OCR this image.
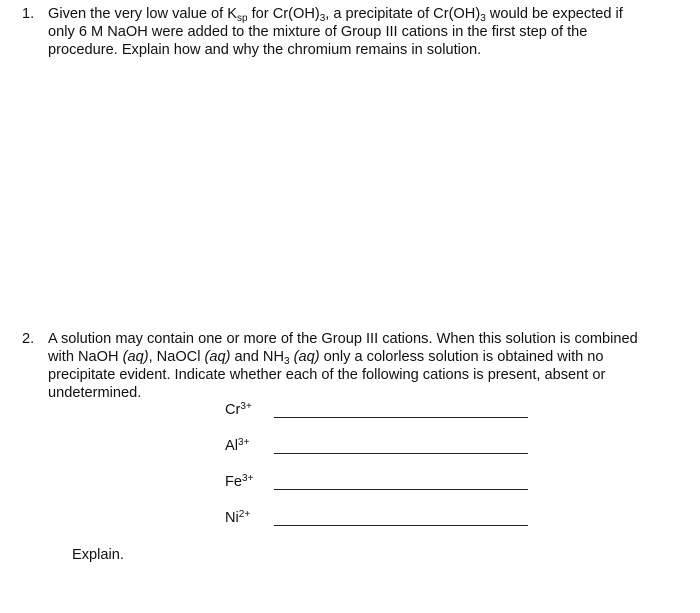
1. Given the very low value of $K_{sp}$ for $Cr(OH)_3$, a precipitate of $Cr(OH)_3$ would be expected if
only 6 M NaOH were added to the mixture of Group III cations in the first step of the
procedure. Explain how and why the chromium remains in solution.
2. A solution may contain one or more of the Group III cations. When this solution is combined
with NaOH (aq), NaOCl (aq) and $NH_3$ (aq) only a colorless solution is obtained with no
precipitate evident. Indicate whether each of the following cations is present, absent or
undetermined.
$Cr^{3+}$
$Al^{3+}$
$Fe^{3+}$
$Ni^{2+}$
Explain.
